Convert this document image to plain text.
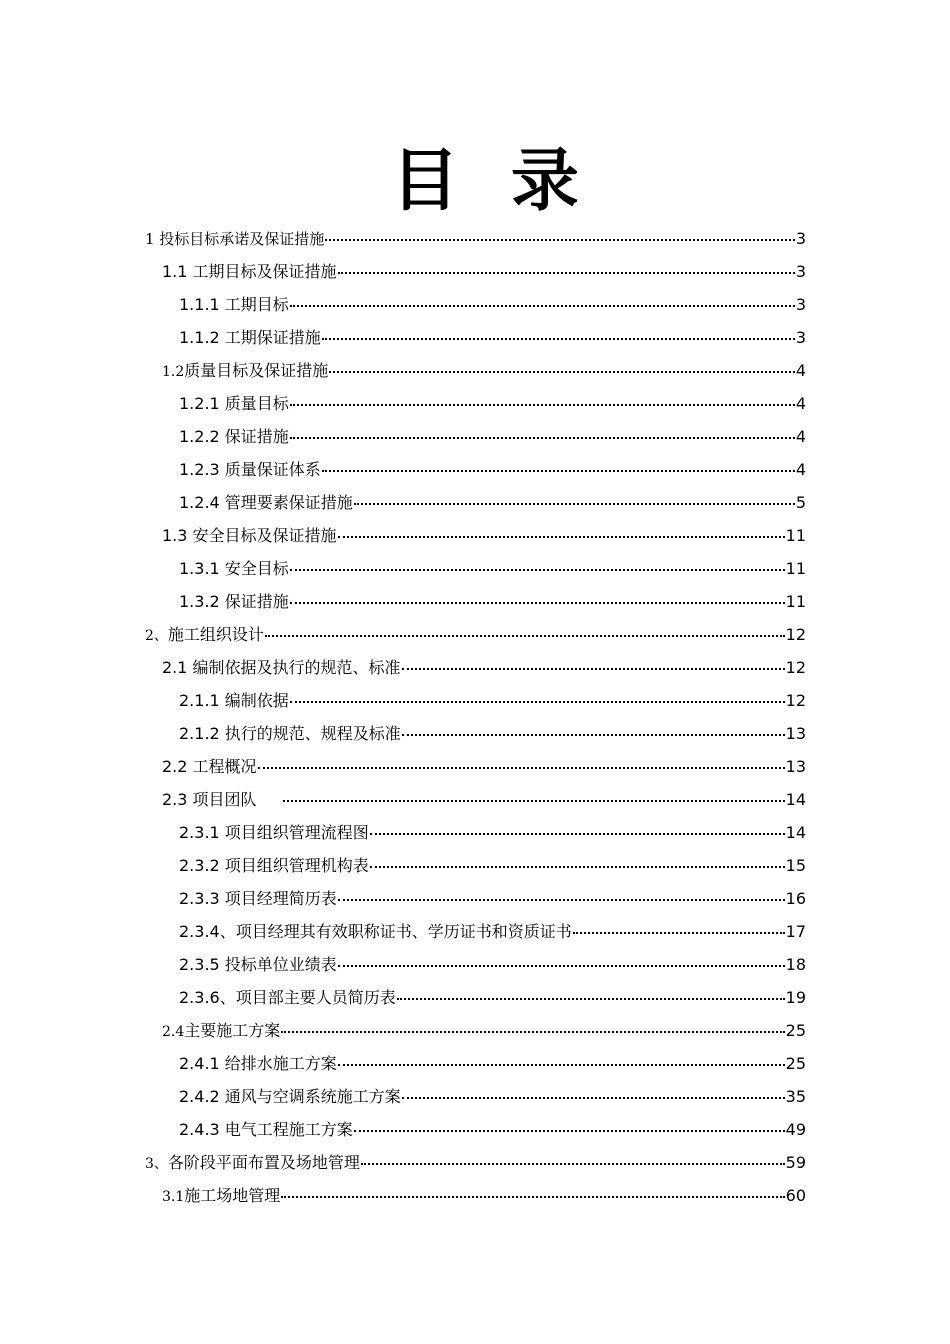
目 录
1 投标目标承诺及保证措施	3
1.1 工期目标及保证措施	3
1.1.1 工期目标	3
1.1.2 工期保证措施	3
1.2质量目标及保证措施	4
1.2.1 质量目标	4
1.2.2 保证措施	4
1.2.3 质量保证体系	4
1.2.4 管理要素保证措施	5
1.3 安全目标及保证措施	11
1.3.1 安全目标	11
1.3.2 保证措施	11
2、施工组织设计	12
2.1 编制依据及执行的规范、标准	12
2.1.1 编制依据	12
2.1.2 执行的规范、规程及标准	13
2.2 工程概况	13
2.3 项目团队	14
2.3.1 项目组织管理流程图	14
2.3.2 项目组织管理机构表	15
2.3.3 项目经理简历表	16
2.3.4、项目经理其有效职称证书、学历证书和资质证书	17
2.3.5 投标单位业绩表	18
2.3.6、项目部主要人员简历表	19
2.4主要施工方案	25
2.4.1 给排水施工方案	25
2.4.2 通风与空调系统施工方案	35
2.4.3 电气工程施工方案	49
3、各阶段平面布置及场地管理	59
3.1施工场地管理	60
